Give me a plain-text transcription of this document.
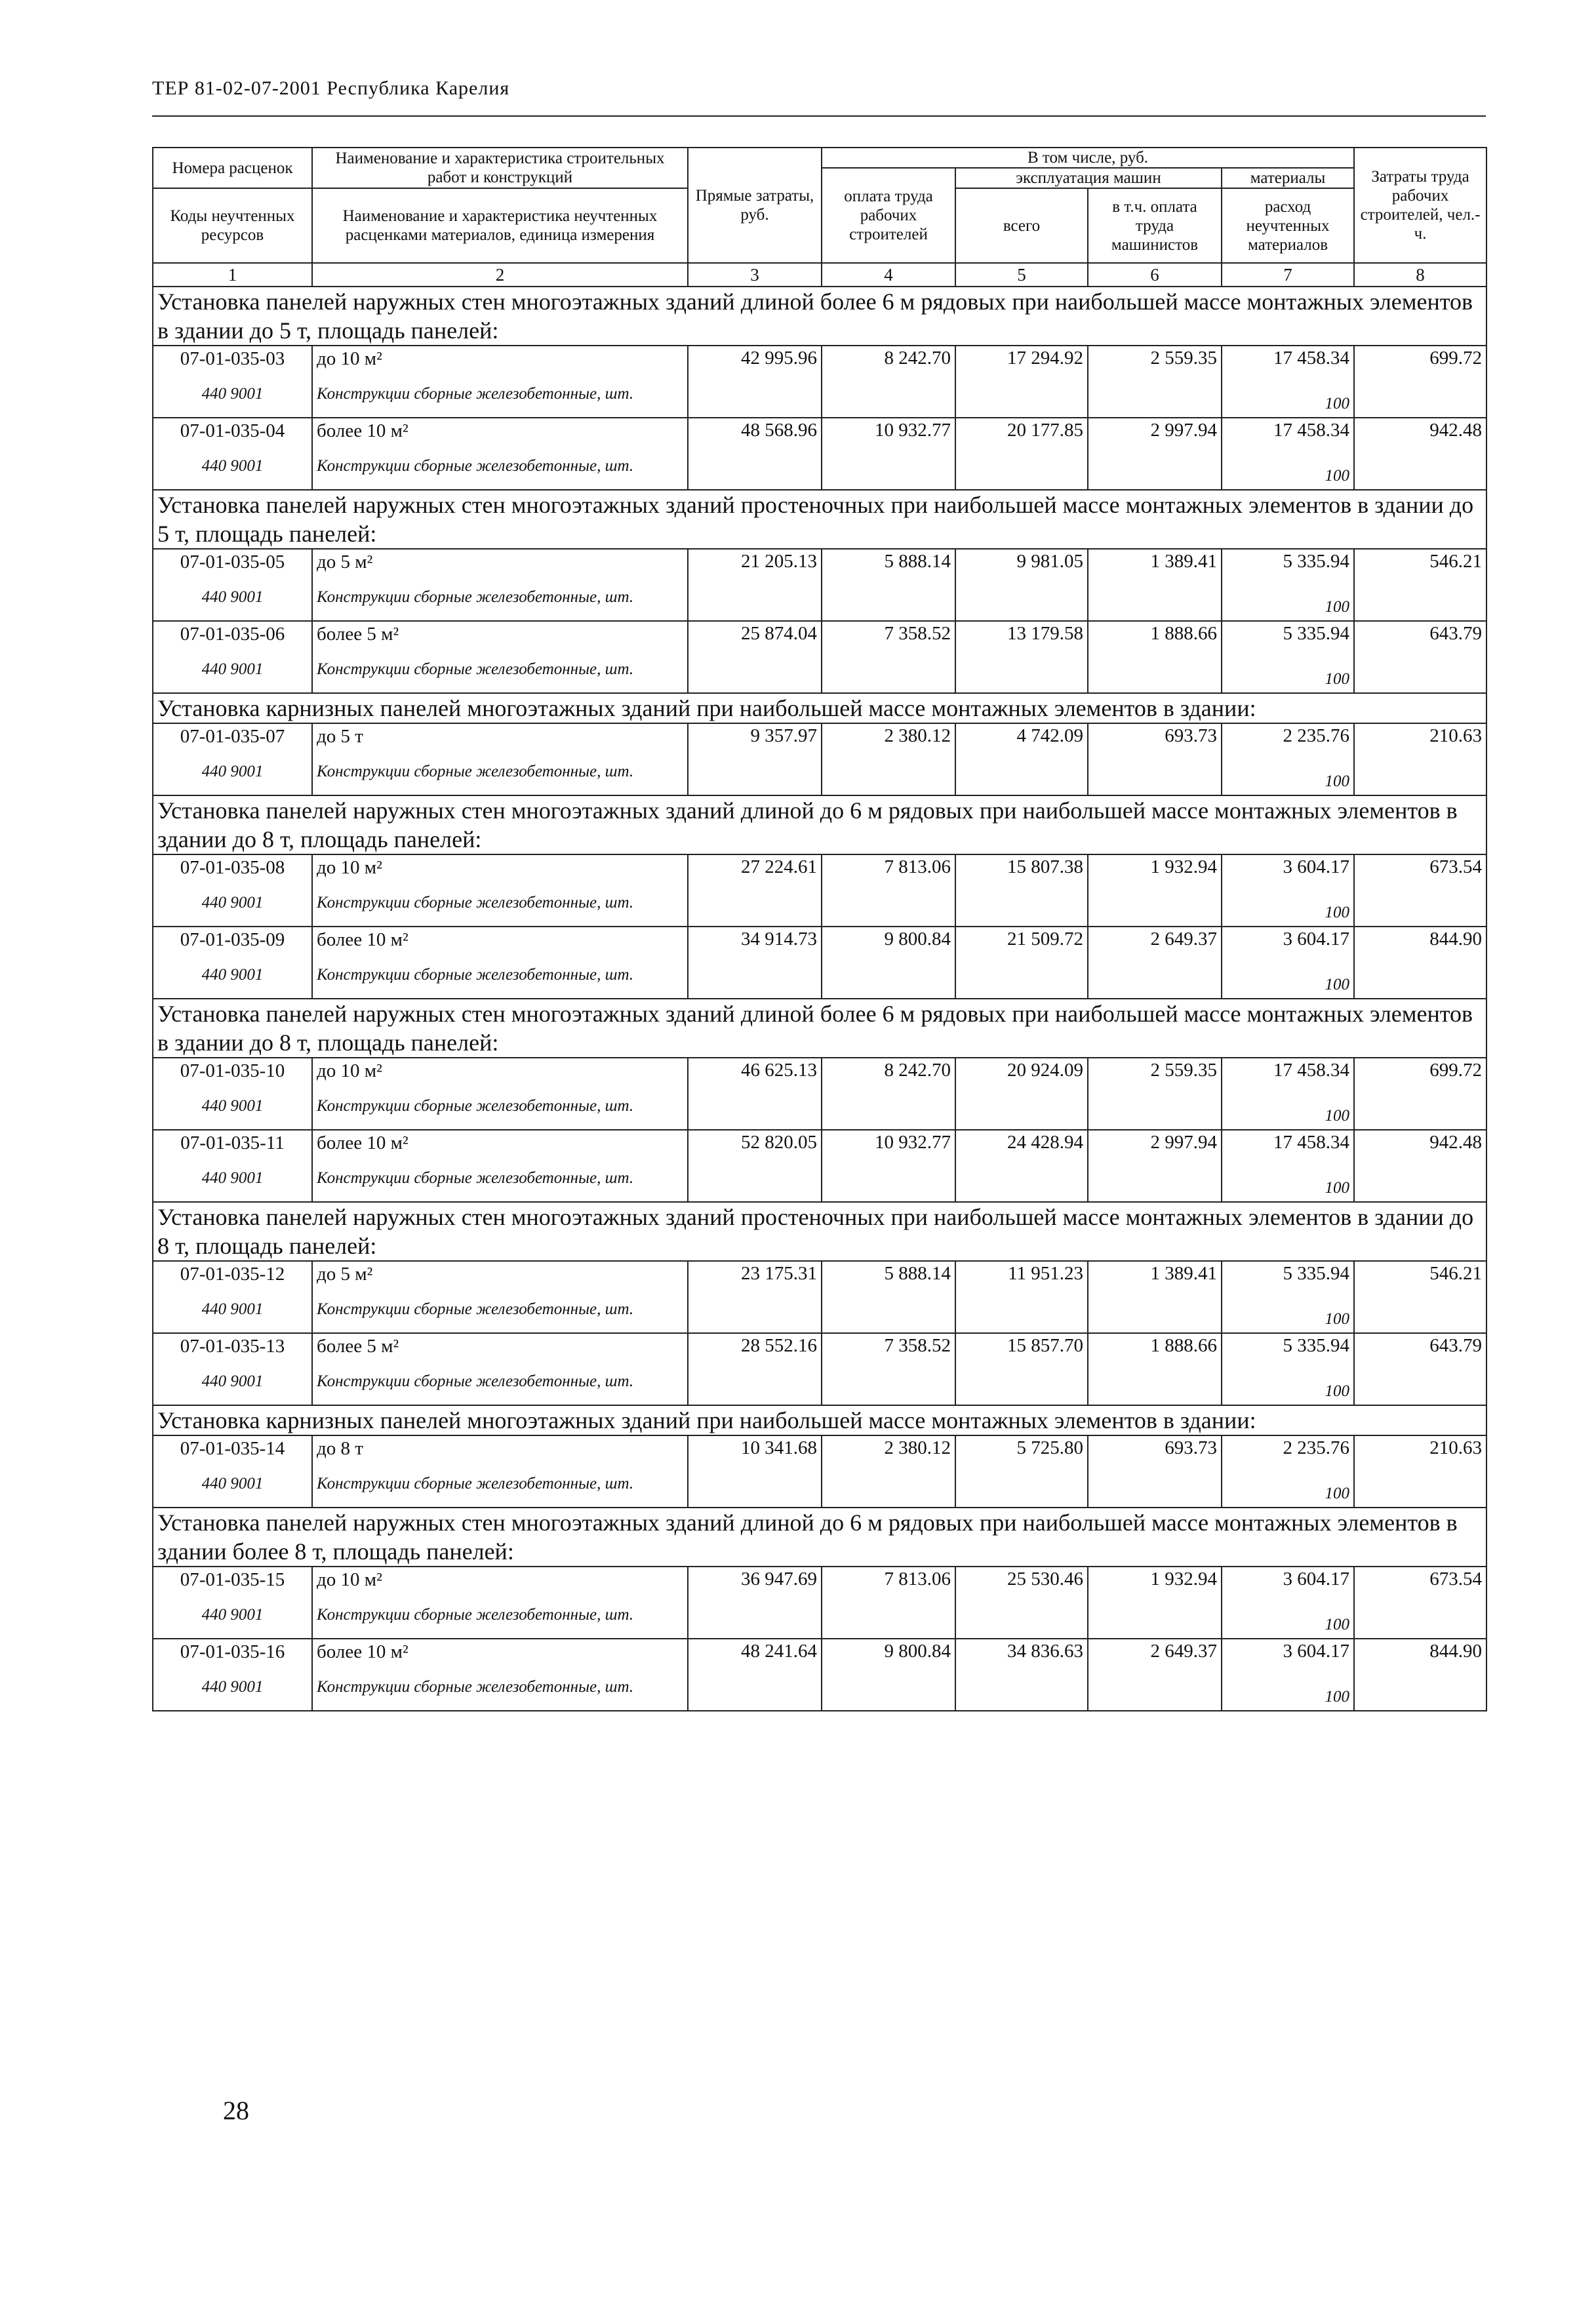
ТЕР 81-02-07-2001 Республика Карелия
Номера расценок	Наименование и характеристика строительных работ и конструкций	Прямые затраты, руб.	В том числе, руб.				Затраты труда рабочих строителей, чел.-ч.
			оплата труда рабочих строителей	эксплуатация машин		материалы	
Коды неучтенных ресурсов	Наименование и характеристика неучтенных расценками материалов, единица измерения			всего	в т.ч. оплата труда машинистов	расход неучтенных материалов	

1	2	3	4	5	6	7	8
Установка панелей наружных стен многоэтажных зданий длиной более 6 м рядовых при наибольшей массе монтажных элементов в здании до 5 т, площадь панелей:							
07-01-035-03	до 10 м²	42 995.96	8 242.70	17 294.92	2 559.35	17 458.34	699.72
440 9001	Конструкции сборные железобетонные, шт.					100	
07-01-035-04	более 10 м²	48 568.96	10 932.77	20 177.85	2 997.94	17 458.34	942.48
440 9001	Конструкции сборные железобетонные, шт.					100	
Установка панелей наружных стен многоэтажных зданий простеночных при наибольшей массе монтажных элементов в здании до 5 т, площадь панелей:							
07-01-035-05	до 5 м²	21 205.13	5 888.14	9 981.05	1 389.41	5 335.94	546.21
440 9001	Конструкции сборные железобетонные, шт.					100	
07-01-035-06	более 5 м²	25 874.04	7 358.52	13 179.58	1 888.66	5 335.94	643.79
440 9001	Конструкции сборные железобетонные, шт.					100	
Установка карнизных панелей многоэтажных зданий при наибольшей массе монтажных элементов в здании:							
07-01-035-07	до 5 т	9 357.97	2 380.12	4 742.09	693.73	2 235.76	210.63
440 9001	Конструкции сборные железобетонные, шт.					100	
Установка панелей наружных стен многоэтажных зданий длиной до 6 м рядовых при наибольшей массе монтажных элементов в здании до 8 т, площадь панелей:							
07-01-035-08	до 10 м²	27 224.61	7 813.06	15 807.38	1 932.94	3 604.17	673.54
440 9001	Конструкции сборные железобетонные, шт.					100	
07-01-035-09	более 10 м²	34 914.73	9 800.84	21 509.72	2 649.37	3 604.17	844.90
440 9001	Конструкции сборные железобетонные, шт.					100	
Установка панелей наружных стен многоэтажных зданий длиной более 6 м рядовых при наибольшей массе монтажных элементов в здании до 8 т, площадь панелей:							
07-01-035-10	до 10 м²	46 625.13	8 242.70	20 924.09	2 559.35	17 458.34	699.72
440 9001	Конструкции сборные железобетонные, шт.					100	
07-01-035-11	более 10 м²	52 820.05	10 932.77	24 428.94	2 997.94	17 458.34	942.48
440 9001	Конструкции сборные железобетонные, шт.					100	
Установка панелей наружных стен многоэтажных зданий простеночных при наибольшей массе монтажных элементов в здании до 8 т, площадь панелей:							
07-01-035-12	до 5 м²	23 175.31	5 888.14	11 951.23	1 389.41	5 335.94	546.21
440 9001	Конструкции сборные железобетонные, шт.					100	
07-01-035-13	более 5 м²	28 552.16	7 358.52	15 857.70	1 888.66	5 335.94	643.79
440 9001	Конструкции сборные железобетонные, шт.					100	
Установка карнизных панелей многоэтажных зданий при наибольшей массе монтажных элементов в здании:							
07-01-035-14	до 8 т	10 341.68	2 380.12	5 725.80	693.73	2 235.76	210.63
440 9001	Конструкции сборные железобетонные, шт.					100	
Установка панелей наружных стен многоэтажных зданий длиной до 6 м рядовых при наибольшей массе монтажных элементов в здании более 8 т, площадь панелей:							
07-01-035-15	до 10 м²	36 947.69	7 813.06	25 530.46	1 932.94	3 604.17	673.54
440 9001	Конструкции сборные железобетонные, шт.					100	
07-01-035-16	более 10 м²	48 241.64	9 800.84	34 836.63	2 649.37	3 604.17	844.90
440 9001	Конструкции сборные железобетонные, шт.					100	
28
